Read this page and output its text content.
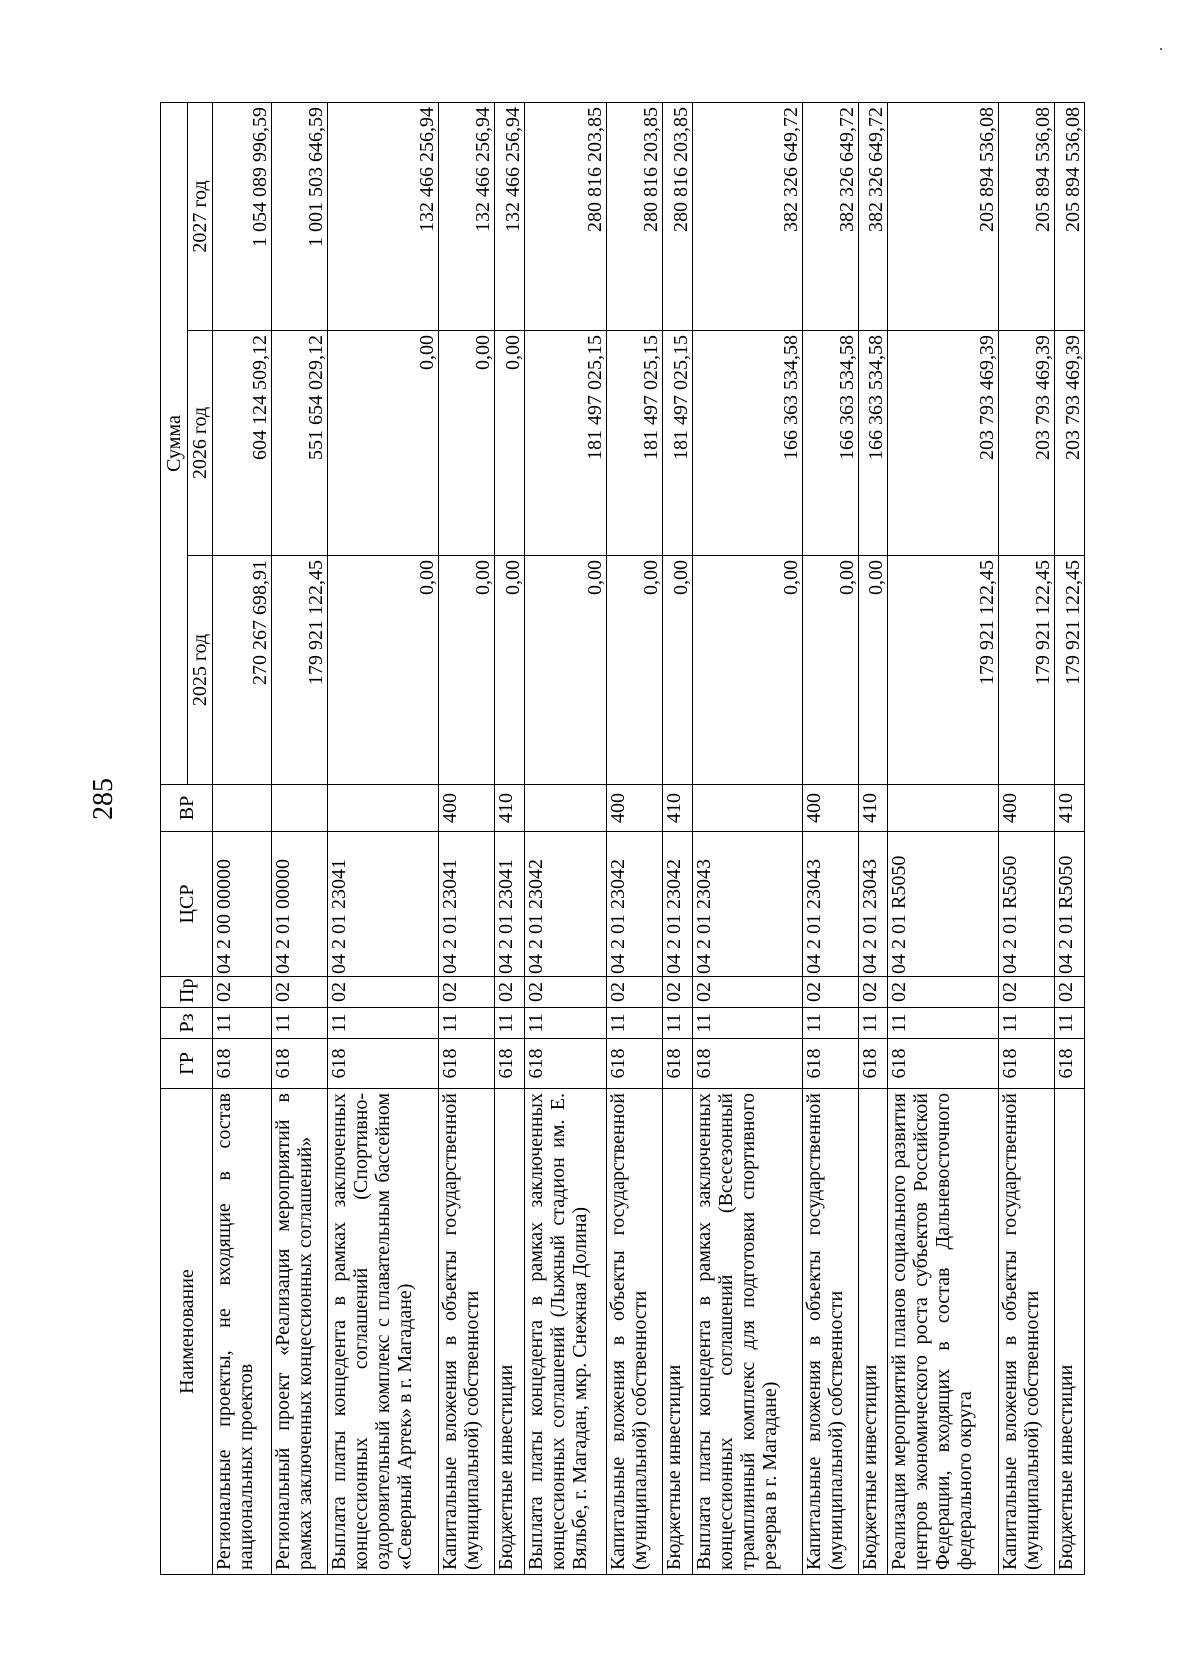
285
Наименование	ГР	Рз	Пр	ЦСР	ВР	Сумма		
						2025 год	2026 год	2027 год
Региональные проекты, не входящие в состав национальных проектов	618	11	02	04 2 00 00000		270 267 698,91	604 124 509,12	1 054 089 996,59
Региональный проект «Реализация мероприятий в рамках заключенных концессионных соглашений»	618	11	02	04 2 01 00000		179 921 122,45	551 654 029,12	1 001 503 646,59
Выплата платы концедента в рамках заключенных концессионных соглашений (Спортивно-оздоровительный комплекс с плавательным бассейном «Северный Артек» в г. Магадане)	618	11	02	04 2 01 23041		0,00	0,00	132 466 256,94
Капитальные вложения в объекты государственной (муниципальной) собственности	618	11	02	04 2 01 23041	400	0,00	0,00	132 466 256,94
Бюджетные инвестиции	618	11	02	04 2 01 23041	410	0,00	0,00	132 466 256,94
Выплата платы концедента в рамках заключенных концессионных соглашений (Лыжный стадион им. Е. Вяльбе, г. Магадан, мкр. Снежная Долина)	618	11	02	04 2 01 23042		0,00	181 497 025,15	280 816 203,85
Капитальные вложения в объекты государственной (муниципальной) собственности	618	11	02	04 2 01 23042	400	0,00	181 497 025,15	280 816 203,85
Бюджетные инвестиции	618	11	02	04 2 01 23042	410	0,00	181 497 025,15	280 816 203,85
Выплата платы концедента в рамках заключенных концессионных соглашений (Всесезонный трамплинный комплекс для подготовки спортивного резерва в г. Магадане)	618	11	02	04 2 01 23043		0,00	166 363 534,58	382 326 649,72
Капитальные вложения в объекты государственной (муниципальной) собственности	618	11	02	04 2 01 23043	400	0,00	166 363 534,58	382 326 649,72
Бюджетные инвестиции	618	11	02	04 2 01 23043	410	0,00	166 363 534,58	382 326 649,72
Реализация мероприятий планов социального развития центров экономического роста субъектов Российской Федерации, входящих в состав Дальневосточного федерального округа	618	11	02	04 2 01 R5050		179 921 122,45	203 793 469,39	205 894 536,08
Капитальные вложения в объекты государственной (муниципальной) собственности	618	11	02	04 2 01 R5050	400	179 921 122,45	203 793 469,39	205 894 536,08
Бюджетные инвестиции	618	11	02	04 2 01 R5050	410	179 921 122,45	203 793 469,39	205 894 536,08
